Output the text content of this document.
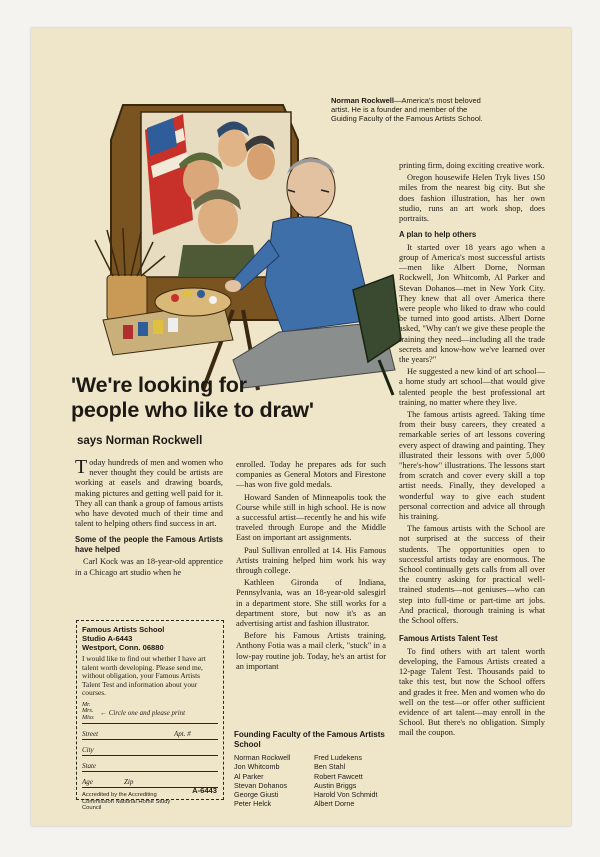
Norman Rockwell—America's most beloved artist. He is a founder and member of the Guiding Faculty of the Famous Artists School.
'We're looking for
people who like to draw'
says Norman Rockwell

Today hundreds of men and women who never thought they could be artists are working at easels and drawing boards, making pictures and getting well paid for it. They all can thank a group of famous artists who have devoted much of their time and talent to helping others find success in art.

Some of the people the Famous Artists have helped

Carl Kock was an 18-year-old apprentice in a Chicago art studio when he

Famous Artists School
Studio A-6443
Westport, Conn. 06880
I would like to find out whether I have art talent worth developing. Please send me, without obligation, your Famous Artists Talent Test and information about your courses.
Mr.
Mrs.
Miss
← Circle one and please print
Street	Apt. #
City
State
Age	Zip
Accredited by the Accrediting Commission National Home Study Council
A-6443

enrolled. Today he prepares ads for such companies as General Motors and Firestone—has won five gold medals.

Howard Sanden of Minneapolis took the Course while still in high school. He is now a successful artist—recently he and his wife traveled through Europe and the Middle East on important art assignments.

Paul Sullivan enrolled at 14. His Famous Artists training helped him work his way through college.

Kathleen Gironda of Indiana, Pennsylvania, was an 18-year-old salesgirl in a department store. She still works for a department store, but now it's as an advertising artist and fashion illustrator.

Before his Famous Artists training, Anthony Fotia was a mail clerk, "stuck" in a low-pay routine job. Today, he's an artist for an important

Founding Faculty of the Famous Artists School
Norman Rockwell
Jon Whitcomb
Al Parker
Stevan Dohanos
George Giusti
Peter Helck
Fred Ludekens
Ben Stahl
Robert Fawcett
Austin Briggs
Harold Von Schmidt
Albert Dorne

printing firm, doing exciting creative work.

Oregon housewife Helen Tryk lives 150 miles from the nearest big city. But she does fashion illustration, has her own studio, runs an art work shop, does portraits.

A plan to help others

It started over 18 years ago when a group of America's most successful artists—men like Albert Dorne, Norman Rockwell, Jon Whitcomb, Al Parker and Stevan Dohanos—met in New York City. They knew that all over America there were people who liked to draw who could be turned into good artists. Albert Dorne asked, "Why can't we give these people the training they need—including all the trade secrets and know-how we've learned over the years?"

He suggested a new kind of art school—a home study art school—that would give talented people the best professional art training, no matter where they live.

The famous artists agreed. Taking time from their busy careers, they created a remarkable series of art lessons covering every aspect of drawing and painting. They illustrated their lessons with over 5,000 "here's-how" illustrations. The lessons start from scratch and cover every skill a top artist needs. Finally, they developed a wonderful way to give each student personal correction and advice all through his training.

The famous artists with the School are not surprised at the success of their students. The opportunities open to successful artists today are enormous. The School continually gets calls from all over the country asking for practical well-trained students—not geniuses—who can step into full-time or part-time art jobs. And practical, thorough training is what the School offers.

Famous Artists Talent Test

To find others with art talent worth developing, the Famous Artists created a 12-page Talent Test. Thousands paid to take this test, but now the School offers and grades it free. Men and women who do well on the test—or offer other sufficient evidence of art talent—may enroll in the School. But there's no obligation. Simply mail the coupon.
